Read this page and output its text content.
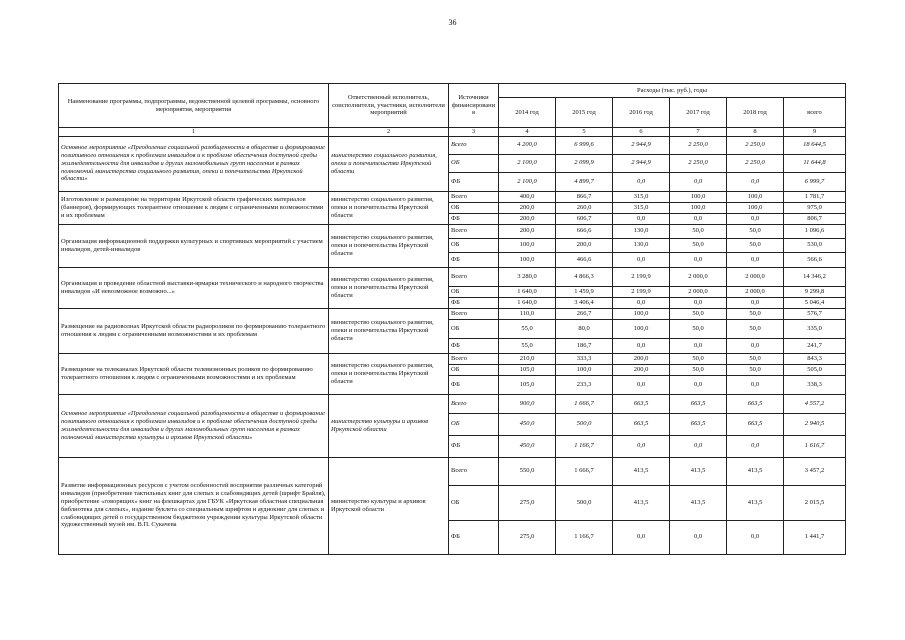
36
Наименование программы, подпрограммы, ведомственной целевой программы, основного мероприятия, мероприятия	Ответственный исполнитель, соисполнители, участники, исполнители мероприятий	Источники финансировани я	Расходы (тыс. руб.), годы					
			2014 год	2015 год	2016 год	2017 год	2018 год	всего
1	2	3	4	5	6	7	8	9
Основное мероприятие «Преодоление социальной разобщенности в обществе и формирование позитивного отношения к проблемам инвалидов и к проблеме обеспечения доступной среды жизнедеятельности для инвалидов и других маломобильных групп населения в рамках полномочий министерства социального развития, опеки и попечительства Иркутской области»	министерство социального развития, опеки и попечительства Иркутской области	Всего	4 200,0	6 999,6	2 944,9	2 250,0	2 250,0	18 644,5
		ОБ	2 100,0	2 099,9	2 944,9	2 250,0	2 250,0	11 644,8
		ФБ	2 100,0	4 899,7	0,0	0,0	0,0	6 999,7
Изготовление и размещение на территории Иркутской области графических материалов (баннеров), формирующих толерантное отношение к людям с ограниченными возможностями и их проблемам	министерство социального развития, опеки и попечительства Иркутской области	Всего	400,0	866,7	315,0	100,0	100,0	1 781,7
		ОБ	200,0	260,0	315,0	100,0	100,0	975,0
		ФБ	200,0	606,7	0,0	0,0	0,0	806,7
Организация информационной поддержки культурных и спортивных мероприятий с участием инвалидов, детей-инвалидов	министерство социального развития, опеки и попечительства Иркутской области	Всего	200,0	666,6	130,0	50,0	50,0	1 096,6
		ОБ	100,0	200,0	130,0	50,0	50,0	530,0
		ФБ	100,0	466,6	0,0	0,0	0,0	566,6
Организация и проведение областной выставки-ярмарки технического и народного творчества инвалидов «И невозможное возможно...»	министерство социального развития, опеки и попечительства Иркутской области	Всего	3 280,0	4 866,3	2 199,9	2 000,0	2 000,0	14 346,2
		ОБ	1 640,0	1 459,9	2 199,9	2 000,0	2 000,0	9 299,8
		ФБ	1 640,0	3 406,4	0,0	0,0	0,0	5 046,4
Размещение на радиоволнах Иркутской области радиороликов по формированию толерантного отношения к людям с ограниченными возможностями и их проблемам	министерство социального развития, опеки и попечительства Иркутской области	Всего	110,0	266,7	100,0	50,0	50,0	576,7
		ОБ	55,0	80,0	100,0	50,0	50,0	335,0
		ФБ	55,0	186,7	0,0	0,0	0,0	241,7
Размещение на телеканалах Иркутской области телевизионных роликов по формированию толерантного отношения к людям с ограниченными возможностями и их проблемам	министерство социального развития, опеки и попечительства Иркутской области	Всего	210,0	333,3	200,0	50,0	50,0	843,3
		ОБ	105,0	100,0	200,0	50,0	50,0	505,0
		ФБ	105,0	233,3	0,0	0,0	0,0	338,3
Основное мероприятие «Преодоление социальной разобщенности в обществе и формирование позитивного отношения к проблемам инвалидов и к проблеме обеспечения доступной среды жизнедеятельности для инвалидов и других маломобильных групп населения в рамках полномочий министерства культуры и архивов Иркутской области»	министерство культуры и архивов Иркутской области	Всего	900,0	1 666,7	663,5	663,5	663,5	4 557,2
		ОБ	450,0	500,0	663,5	663,5	663,5	2 940,5
		ФБ	450,0	1 166,7	0,0	0,0	0,0	1 616,7
Развитие информационных ресурсов с учетом особенностей восприятия различных категорий инвалидов (приобретение тактильных книг для слепых и слабовидящих детей (шрифт Брайля), приобретение «говорящих» книг на флешкартах для ГБУК «Иркутская областная специальная библиотека для слепых», издание буклета со специальным шрифтом и аудиокниг для слепых и слабовидящих детей о государственном бюджетном учреждении культуры Иркутской области художественный музей им. В.П. Сукачева	министерство культуры и архивов Иркутской области	Всего	550,0	1 666,7	413,5	413,5	413,5	3 457,2
		ОБ	275,0	500,0	413,5	413,5	413,5	2 015,5
		ФБ	275,0	1 166,7	0,0	0,0	0,0	1 441,7
